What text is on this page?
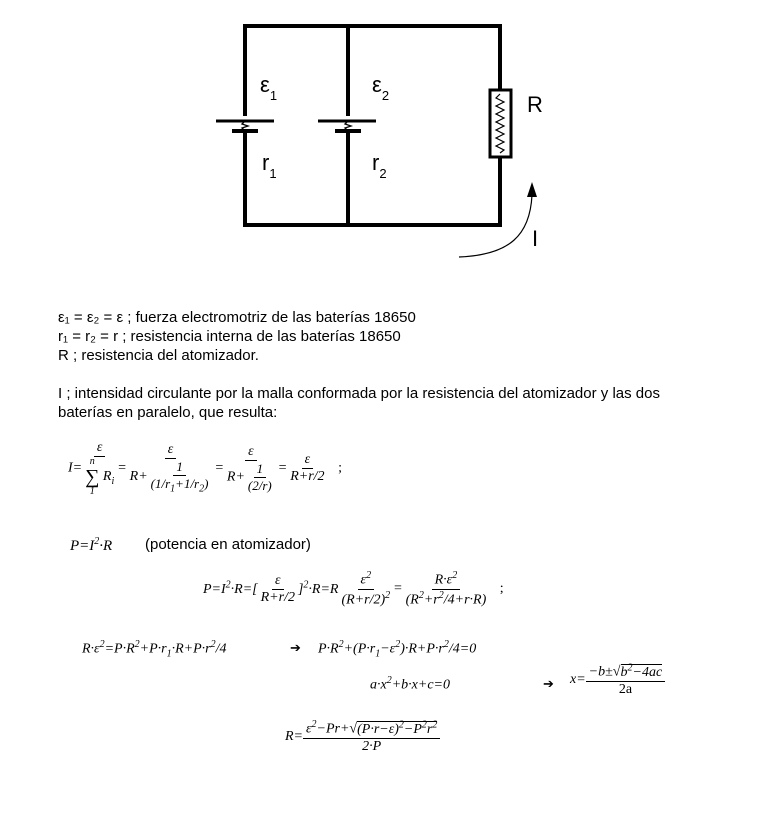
$\varepsilon_1$	$\varepsilon_2$
$r_1$	$r_2$
R
I
ε₁ = ε₂ = ε ; fuerza electromotriz de las baterías 18650
r₁ = r₂ = r ; resistencia interna de las baterías 18650
R ; resistencia del atomizador.
I ; intensidad circulante por la malla conformada por la resistencia del atomizador y las dos
baterías en paralelo, que resulta:
I= ε
n
∑
1
$R_i = \frac{\varepsilon}{R+ \frac{1}{(1/r_1+1/r_2)}} = \frac{\varepsilon}{R+ \frac{1}{(2/r)}} = \frac{\varepsilon}{R+r/2}$ ;
$P=I^2\cdot R$ (potencia en atomizador)
$P=I^2\cdot R=[ \frac{\varepsilon}{R+r/2} ]^2\cdot R=R \frac{\varepsilon^2}{(R+r/2)^2} = \frac{R\cdot\varepsilon^2}{(R^2+r^2/4+r\cdot R)}$ ;
$R\cdot\varepsilon^2=P\cdot R^2+P\cdot r_1\cdot R+P\cdot r^2/4$	➔ $P\cdot R^2+(P\cdot r_1-\varepsilon^2)\cdot R+P\cdot r^2/4=0$
$a\cdot x^2+b\cdot x+c=0$	➔ $x= \frac{-b\pm√b^2-4ac}{2a}$
$R= \frac{\varepsilon^2-Pr+√(P\cdot r-\varepsilon)^2-P^2r^2}{2\cdot P}$
